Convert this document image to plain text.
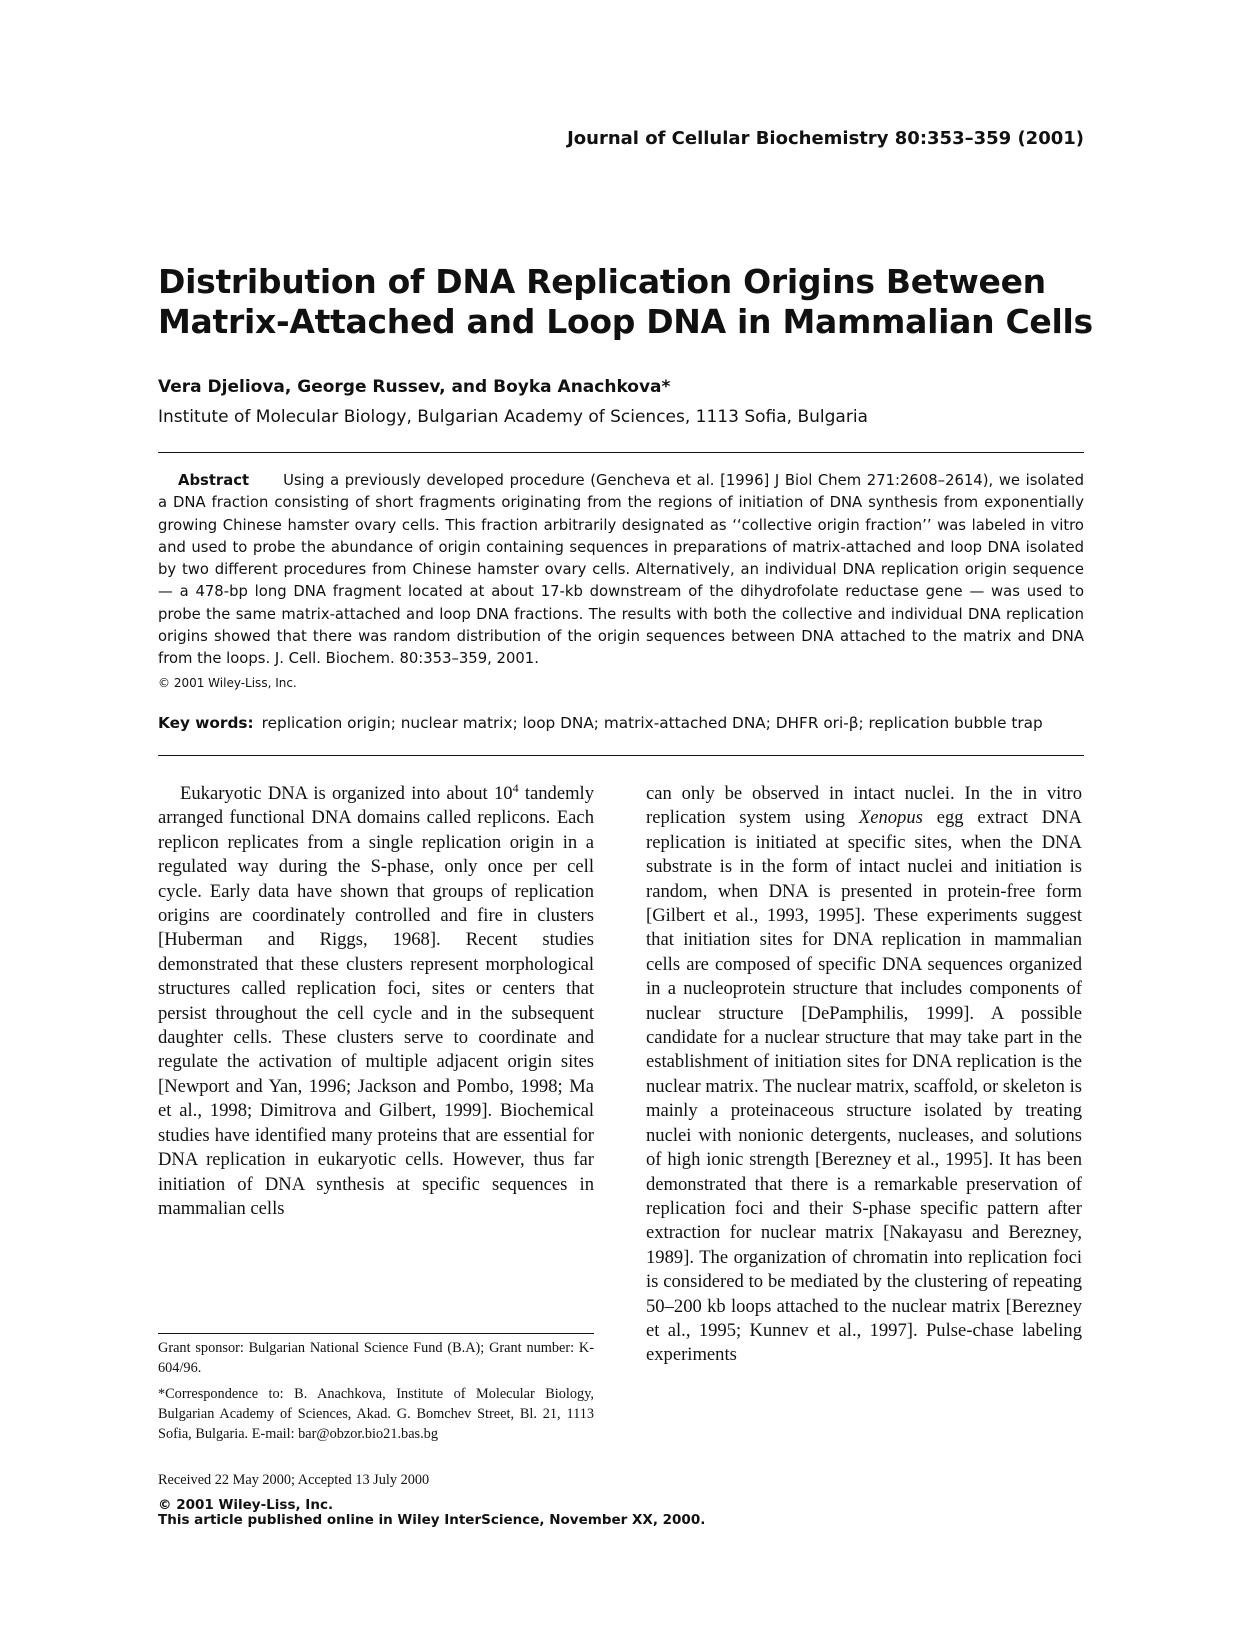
Journal of Cellular Biochemistry 80:353–359 (2001)
Distribution of DNA Replication Origins Between Matrix-Attached and Loop DNA in Mammalian Cells
Vera Djeliova, George Russev, and Boyka Anachkova*
Institute of Molecular Biology, Bulgarian Academy of Sciences, 1113 Sofia, Bulgaria

Abstract Using a previously developed procedure (Gencheva et al. [1996] J Biol Chem 271:2608–2614), we isolated a DNA fraction consisting of short fragments originating from the regions of initiation of DNA synthesis from exponentially growing Chinese hamster ovary cells. This fraction arbitrarily designated as ‘‘collective origin fraction’’ was labeled in vitro and used to probe the abundance of origin containing sequences in preparations of matrix-attached and loop DNA isolated by two different procedures from Chinese hamster ovary cells. Alternatively, an individual DNA replication origin sequence — a 478-bp long DNA fragment located at about 17-kb downstream of the dihydrofolate reductase gene — was used to probe the same matrix-attached and loop DNA fractions. The results with both the collective and individual DNA replication origins showed that there was random distribution of the origin sequences between DNA attached to the matrix and DNA from the loops. J. Cell. Biochem. 80:353–359, 2001.

© 2001 Wiley-Liss, Inc.
Key words: replication origin; nuclear matrix; loop DNA; matrix-attached DNA; DHFR ori-β; replication bubble trap

Eukaryotic DNA is organized into about $10^4$ tandemly arranged functional DNA domains called replicons. Each replicon replicates from a single replication origin in a regulated way during the S-phase, only once per cell cycle. Early data have shown that groups of replication origins are coordinately controlled and fire in clusters [Huberman and Riggs, 1968]. Recent studies demonstrated that these clusters represent morphological structures called replication foci, sites or centers that persist throughout the cell cycle and in the subsequent daughter cells. These clusters serve to coordinate and regulate the activation of multiple adjacent origin sites [Newport and Yan, 1996; Jackson and Pombo, 1998; Ma et al., 1998; Dimitrova and Gilbert, 1999]. Biochemical studies have identified many proteins that are essential for DNA replication in eukaryotic cells. However, thus far initiation of DNA synthesis at specific sequences in mammalian cells

can only be observed in intact nuclei. In the in vitro replication system using Xenopus egg extract DNA replication is initiated at specific sites, when the DNA substrate is in the form of intact nuclei and initiation is random, when DNA is presented in protein-free form [Gilbert et al., 1993, 1995]. These experiments suggest that initiation sites for DNA replication in mammalian cells are composed of specific DNA sequences organized in a nucleoprotein structure that includes components of nuclear structure [DePamphilis, 1999]. A possible candidate for a nuclear structure that may take part in the establishment of initiation sites for DNA replication is the nuclear matrix. The nuclear matrix, scaffold, or skeleton is mainly a proteinaceous structure isolated by treating nuclei with nonionic detergents, nucleases, and solutions of high ionic strength [Berezney et al., 1995]. It has been demonstrated that there is a remarkable preservation of replication foci and their S-phase specific pattern after extraction for nuclear matrix [Nakayasu and Berezney, 1989]. The organization of chromatin into replication foci is considered to be mediated by the clustering of repeating 50–200 kb loops attached to the nuclear matrix [Berezney et al., 1995; Kunnev et al., 1997]. Pulse-chase labeling experiments

Grant sponsor: Bulgarian National Science Fund (B.A); Grant number: K-604/96.

*Correspondence to: B. Anachkova, Institute of Molecular Biology, Bulgarian Academy of Sciences, Akad. G. Bomchev Street, Bl. 21, 1113 Sofia, Bulgaria. E-mail: bar@obzor.bio21.bas.bg

Received 22 May 2000; Accepted 13 July 2000

© 2001 Wiley-Liss, Inc.
This article published online in Wiley InterScience, November XX, 2000.
